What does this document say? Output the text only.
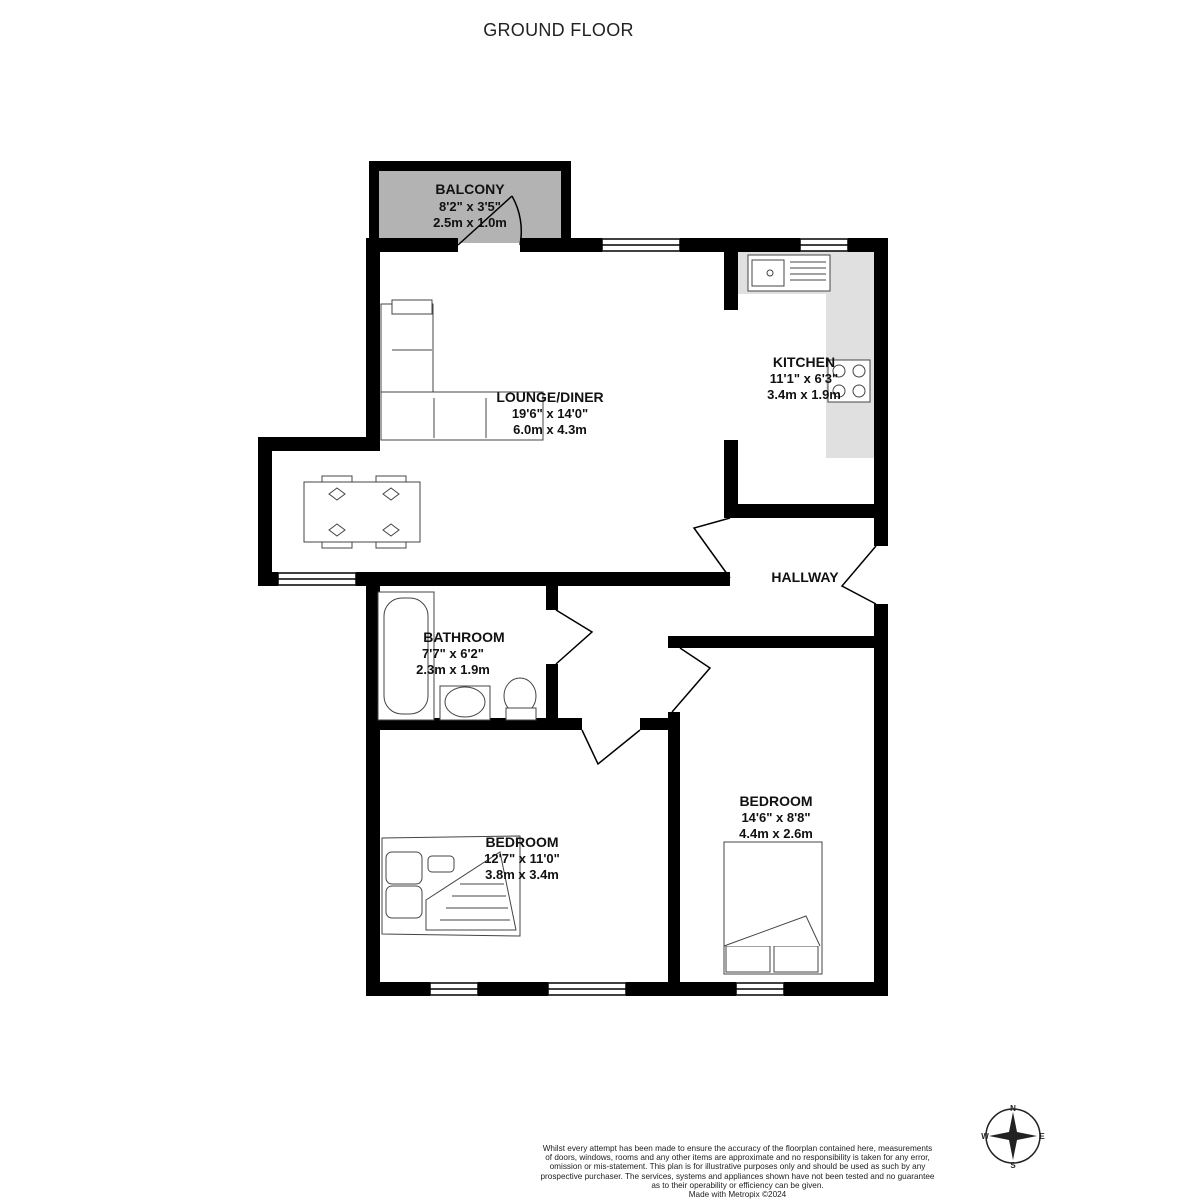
GROUND FLOOR
BALCONY
8'2" x 3'5"
2.5m x 1.0m
LOUNGE/DINER
19'6" x 14'0"
6.0m x 4.3m
KITCHEN
11'1" x 6'3"
3.4m x 1.9m
HALLWAY
BATHROOM
7'7" x 6'2"
2.3m x 1.9m
BEDROOM
12'7" x 11'0"
3.8m x 3.4m
BEDROOM
14'6" x 8'8"
4.4m x 2.6m
N
E
S
W
Whilst every attempt has been made to ensure the accuracy of the floorplan contained here, measurements
of doors, windows, rooms and any other items are approximate and no responsibility is taken for any error,
omission or mis-statement. This plan is for illustrative purposes only and should be used as such by any
prospective purchaser. The services, systems and appliances shown have not been tested and no guarantee
as to their operability or efficiency can be given.
Made with Metropix ©2024
